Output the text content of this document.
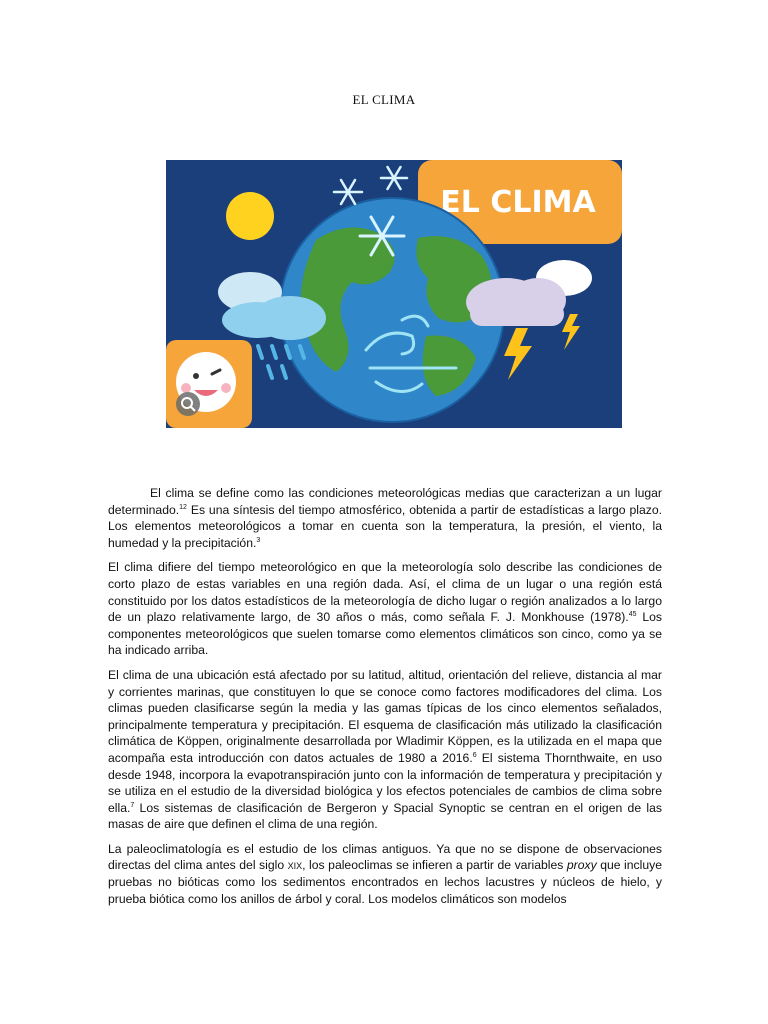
EL CLIMA
EL CLIMA

El clima se define como las condiciones meteorológicas medias que caracterizan a un lugar determinado.$^{12}$ Es una síntesis del tiempo atmosférico, obtenida a partir de estadísticas a largo plazo. Los elementos meteorológicos a tomar en cuenta son la temperatura, la presión, el viento, la humedad y la precipitación.$^3$

El clima difiere del tiempo meteorológico en que la meteorología solo describe las condiciones de corto plazo de estas variables en una región dada. Así, el clima de un lugar o una región está constituido por los datos estadísticos de la meteorología de dicho lugar o región analizados a lo largo de un plazo relativamente largo, de 30 años o más, como señala F. J. Monkhouse (1978).$^{45}$ Los componentes meteorológicos que suelen tomarse como elementos climáticos son cinco, como ya se ha indicado arriba.

El clima de una ubicación está afectado por su latitud, altitud, orientación del relieve, distancia al mar y corrientes marinas, que constituyen lo que se conoce como factores modificadores del clima. Los climas pueden clasificarse según la media y las gamas típicas de los cinco elementos señalados, principalmente temperatura y precipitación. El esquema de clasificación más utilizado la clasificación climática de Köppen, originalmente desarrollada por Wladimir Köppen, es la utilizada en el mapa que acompaña esta introducción con datos actuales de 1980 a 2016.$^6$ El sistema Thornthwaite, en uso desde 1948, incorpora la evapotranspiración junto con la información de temperatura y precipitación y se utiliza en el estudio de la diversidad biológica y los efectos potenciales de cambios de clima sobre ella.$^7$ Los sistemas de clasificación de Bergeron y Spacial Synoptic se centran en el origen de las masas de aire que definen el clima de una región.

La paleoclimatología es el estudio de los climas antiguos. Ya que no se dispone de observaciones directas del clima antes del siglo xix, los paleoclimas se infieren a partir de variables proxy que incluye pruebas no bióticas como los sedimentos encontrados en lechos lacustres y núcleos de hielo, y prueba biótica como los anillos de árbol y coral. Los modelos climáticos son modelos
